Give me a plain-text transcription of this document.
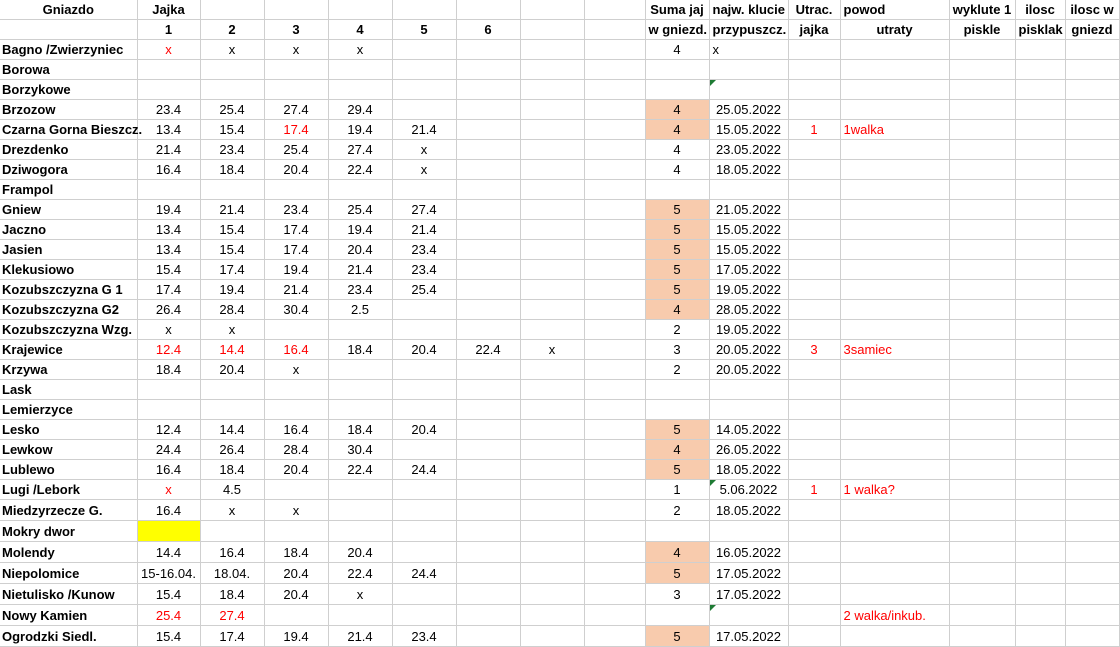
Gniazdo	Jajka								Suma jaj	najw. klucie	Utrac.	powod	wyklute 1	ilosc	ilosc w
	1	2	3	4	5	6			w gniezd.	przypuszcz.	jajka	utraty	piskle	pisklak	gniezd
Bagno /Zwierzyniec	x	x	x	x					4	x					
Borowa															
Borzykowe															
Brzozow	23.4	25.4	27.4	29.4					4	25.05.2022					
Czarna Gorna Bieszcz.	13.4	15.4	17.4	19.4	21.4				4	15.05.2022	1	1walka			
Drezdenko	21.4	23.4	25.4	27.4	x				4	23.05.2022					
Dziwogora	16.4	18.4	20.4	22.4	x				4	18.05.2022					
Frampol															
Gniew	19.4	21.4	23.4	25.4	27.4				5	21.05.2022					
Jaczno	13.4	15.4	17.4	19.4	21.4				5	15.05.2022					
Jasien	13.4	15.4	17.4	20.4	23.4				5	15.05.2022					
Klekusiowo	15.4	17.4	19.4	21.4	23.4				5	17.05.2022					
Kozubszczyzna G 1	17.4	19.4	21.4	23.4	25.4				5	19.05.2022					
Kozubszczyzna G2	26.4	28.4	30.4	2.5					4	28.05.2022					
Kozubszczyzna Wzg.	x	x							2	19.05.2022					
Krajewice	12.4	14.4	16.4	18.4	20.4	22.4	x		3	20.05.2022	3	3samiec			
Krzywa	18.4	20.4	x						2	20.05.2022					
Lask															
Lemierzyce															
Lesko	12.4	14.4	16.4	18.4	20.4				5	14.05.2022					
Lewkow	24.4	26.4	28.4	30.4					4	26.05.2022					
Lublewo	16.4	18.4	20.4	22.4	24.4				5	18.05.2022					
Lugi /Lebork	x	4.5							1	5.06.2022	1	1 walka?			
Miedzyrzecze G.	16.4	x	x						2	18.05.2022					
Mokry dwor															
Molendy	14.4	16.4	18.4	20.4					4	16.05.2022					
Niepolomice	15-16.04.	18.04.	20.4	22.4	24.4				5	17.05.2022					
Nietulisko /Kunow	15.4	18.4	20.4	x					3	17.05.2022					
Nowy Kamien	25.4	27.4										2 walka/inkub.			
Ogrodzki Siedl.	15.4	17.4	19.4	21.4	23.4				5	17.05.2022					
